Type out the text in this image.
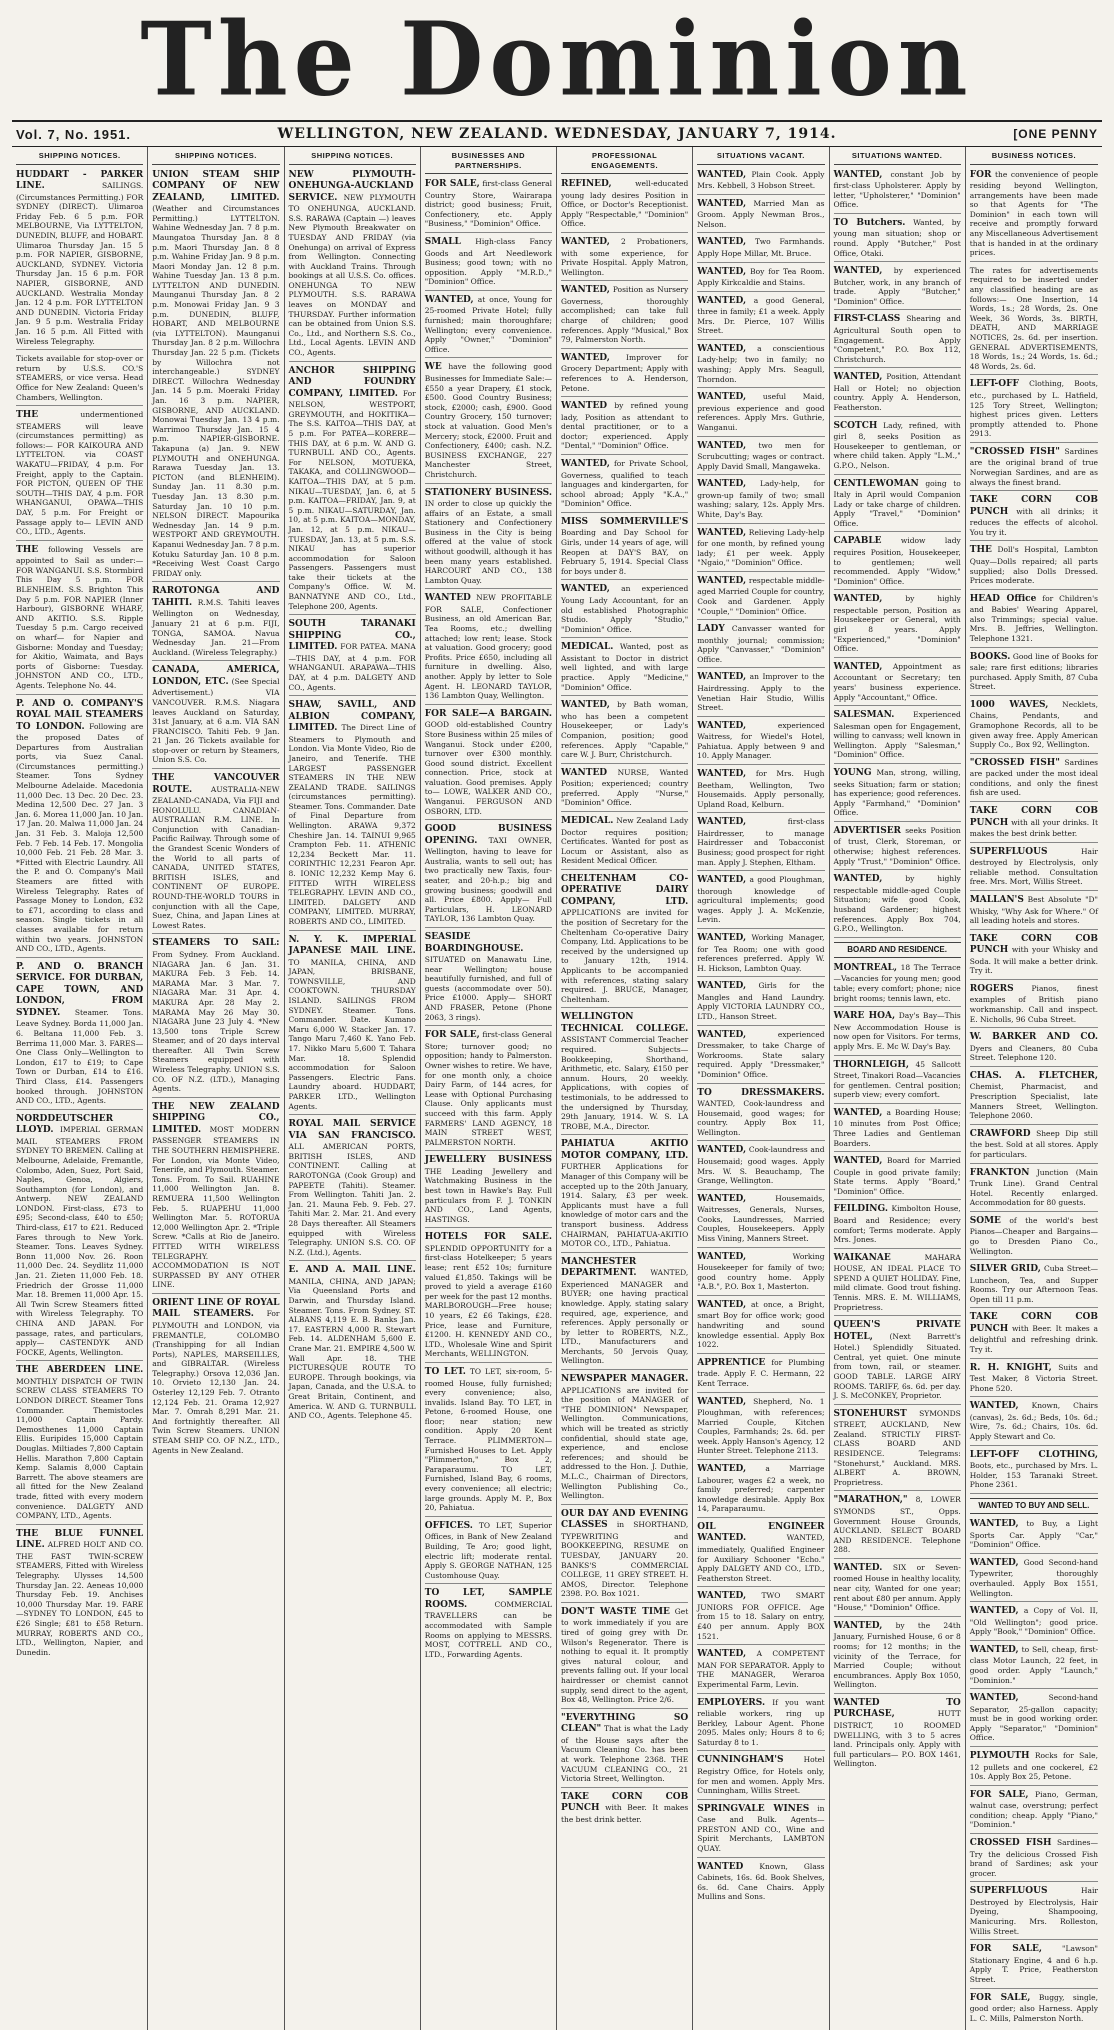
The Dominion
Vol. 7, No. 1951.	WELLINGTON, NEW ZEALAND. WEDNESDAY, JANUARY 7, 1914.	[ONE PENNY
SHIPPING NOTICES.

HUDDART - PARKER LINE.	SAILINGS. (Circumstances Permitting.) FOR SYDNEY (DIRECT). Ulimaroa Friday Feb. 6 5 p.m. FOR MELBOURNE, Via LYTTELTON, DUNEDIN, BLUFF, and HOBART. Ulimaroa Thursday Jan. 15 5 p.m. FOR NAPIER, GISBORNE, AUCKLAND, SYDNEY. Victoria Thursday Jan. 15 6 p.m. FOR NAPIER, GISBORNE, AND AUCKLAND. Westralia Monday Jan. 12 4 p.m. FOR LYTTELTON AND DUNEDIN. Victoria Friday Jan. 9 5 p.m. Westralia Friday Jan. 16 5 p.m. All Fitted with Wireless Telegraphy.

Tickets available for stop-over or return by U.S.S. CO.'S STEAMERS, or vice versa. Head Office for New Zealand: Queen's Chambers, Wellington.

THE	undermentioned STEAMERS will leave (circumstances permitting) as follows:— FOR KAIKOURA AND LYTTELTON. via COAST WAKATU—FRIDAY, 4 p.m. For Freight, apply to the Captain. FOR PICTON, QUEEN OF THE SOUTH—THIS DAY, 4 p.m. FOR WHANGANUI, OPAWA—THIS DAY, 5 p.m. For Freight or Passage apply to— LEVIN AND CO., LTD., Agents.

THE following Vessels are appointed to Sail as under:— FOR WANGANUI. S.S. Stormbird This Day 5 p.m. FOR BLENHEIM. S.S. Brighton This Day 5 p.m. FOR NAPIER (Inner Harbour), GISBORNE WHARF, AND AKITIO. S.S. Ripple Tuesday 5 p.m. Cargo received on wharf— for Napier and Gisborne: Monday and Tuesday; for Akitio, Waimata, and Bays ports of Gisborne: Tuesday. JOHNSTON AND CO., LTD., Agents. Telephone No. 44.

P. AND O. COMPANY'S ROYAL MAIL STEAMERS TO LONDON. Following are the proposed Dates of Departures from Australian ports, via Suez Canal. (Circumstances permitting.) Steamer. Tons Sydney Melbourne Adelaide. Macedonia 11,000 Dec. 13 Dec. 20 Dec. 23. Medina 12,500 Dec. 27 Jan. 3 Jan. 6. Morea 11,000 Jan. 10 Jan. 17 Jan. 20. Malwa 11,000 Jan. 24 Jan. 31 Feb. 3. Maloja 12,500 Feb. 7 Feb. 14 Feb. 17. Mongolia 10,000 Feb. 21 Feb. 28 Mar. 3. *Fitted with Electric Laundry. All the P. and O. Company's Mail Steamers are fitted with Wireless Telegraphy. Rates of Passage Money to London, £32 to £71, according to class and season. Single tickets in all classes available for return within two years. JOHNSTON AND CO., LTD., Agents.

P. AND O. BRANCH SERVICE. FOR DURBAN, CAPE TOWN, AND LONDON, FROM SYDNEY. Steamer. Tons. Leave Sydney. Borda 11,000 Jan. 6. Beltana 11,000 Feb. 3. Berrima 11,000 Mar. 3. FARES—One Class Only—Wellington to London, £17 to £19; to Cape Town or Durban, £14 to £16. Third Class, £14. Passengers booked through. JOHNSTON AND CO., LTD., Agents.

NORDDEUTSCHER LLOYD. IMPERIAL GERMAN MAIL STEAMERS FROM SYDNEY TO BREMEN. Calling at Melbourne, Adelaide, Fremantle, Colombo, Aden, Suez, Port Said, Naples, Genoa, Algiers, Southampton (for London), and Antwerp. NEW ZEALAND LONDON. First-class, £73 to £95; Second-class, £40 to £50; Third-class, £17 to £21. Reduced Fares through to New York. Steamer. Tons. Leaves Sydney. Bonn 11,000 Nov. 26. Roon 11,000 Dec. 24. Seydlitz 11,000 Jan. 21. Zieten 11,000 Feb. 18. Friedrich der Grosse 11,000 Mar. 18. Bremen 11,000 Apr. 15. All Twin Screw Steamers fitted with Wireless Telegraphy. TO CHINA AND JAPAN. For passage, rates, and particulars, apply— CASTENDYK AND FOCKE, Agents, Wellington.

THE ABERDEEN LINE. MONTHLY DISPATCH OF TWIN SCREW CLASS STEAMERS TO LONDON DIRECT. Steamer Tons Commander. Themistocles 11,000 Captain Pardy. Demosthenes 11,000 Captain Ellis. Euripides 15,000 Captain Douglas. Miltiades 7,800 Captain Hellis. Marathon 7,800 Captain Kemp. Salamis 8,000 Captain Barrett. The above steamers are all fitted for the New Zealand trade, fitted with every modern convenience. DALGETY AND COMPANY, LTD., Agents.

THE BLUE FUNNEL LINE. ALFRED HOLT AND CO. THE FAST TWIN-SCREW STEAMERS, Fitted with Wireless Telegraphy. Ulysses 14,500 Thursday Jan. 22. Aeneas 10,000 Thursday Feb. 19. Anchises 10,000 Thursday Mar. 19. FARE—SYDNEY TO LONDON, £45 to £26 Single; £81 to £58 Return. MURRAY, ROBERTS AND CO., LTD., Wellington, Napier, and Dunedin.

SHIPPING NOTICES.

UNION STEAM SHIP COMPANY OF NEW ZEALAND, LIMITED. (Weather and Circumstances Permitting.) LYTTELTON. Wahine Wednesday Jan. 7 8 p.m. Maungatoa Thursday Jan. 8 8 p.m. Maori Thursday Jan. 8 8 p.m. Wahine Friday Jan. 9 8 p.m. Maori Monday Jan. 12 8 p.m. Wahine Tuesday Jan. 13 8 p.m. LYTTELTON AND DUNEDIN. Maunganui Thursday Jan. 8 2 p.m. Monowai Friday Jan. 9 3 p.m. DUNEDIN, BLUFF, HOBART, AND MELBOURNE (via LYTTELTON). Maunganui Thursday Jan. 8 2 p.m. Willochra Thursday Jan. 22 5 p.m. (Tickets by Willochra not interchangeable.) SYDNEY DIRECT. Willochra Wednesday Jan. 14 5 p.m. Moeraki Friday Jan. 16 3 p.m. NAPIER, GISBORNE, AND AUCKLAND. Monowai Tuesday Jan. 13 4 p.m. Warrimoo Thursday Jan. 15 4 p.m. NAPIER-GISBORNE. Takapuna (a) Jan. 9. NEW PLYMOUTH and ONEHUNGA. Rarawa Tuesday Jan. 13. PICTON (and BLENHEIM). Sunday Jan. 11 8.30 p.m. Tuesday Jan. 13 8.30 p.m. Saturday Jan. 10 10 p.m. NELSON DIRECT. Mapourika Wednesday Jan. 14 9 p.m. WESTPORT AND GREYMOUTH. Kapanui Wednesday Jan. 7 8 p.m. Kotuku Saturday Jan. 10 8 p.m. *Receiving West Coast Cargo FRIDAY only.

RAROTONGA AND TAHITI. R.M.S. Tahiti leaves Wellington on Wednesday, January 21 at 6 p.m. FIJI, TONGA, SAMOA. Navua Wednesday Jan. 21—From Auckland. (Wireless Telegraphy.)

CANADA, AMERICA, LONDON, ETC. (See Special Advertisement.) VIA VANCOUVER. R.M.S. Niagara leaves Auckland on Saturday, 31st January, at 6 a.m. VIA SAN FRANCISCO. Tahiti Feb. 9 Jan. 21 Jan. 26 Tickets available for stop-over or return by Steamers, Union S.S. Co.

THE VANCOUVER ROUTE.	AUSTRALIA-NEW ZEALAND-CANADA, Via FIJI and HONOLULU. CANADIAN-AUSTRALIAN R.M. LINE. In Conjunction with Canadian-Pacific Railway. Through some of the Grandest Scenic Wonders of the World to all parts of CANADA, UNITED STATES, BRITISH ISLES, and CONTINENT OF EUROPE. ROUND-THE-WORLD TOURS in conjunction with all the Cape, Suez, China, and Japan Lines at Lowest Rates.

STEAMERS TO SAIL: From Sydney. From Auckland. NIAGARA Jan. 6 Jan. 31. MAKURA Feb. 3 Feb. 14. MARAMA Mar. 3 Mar. 7. NIAGARA Mar. 31 Apr. 4. MAKURA Apr. 28 May 2. MARAMA May 26 May 30. NIAGARA June 23 July 4. *New 13,500 tons Triple Screw Steamer, and of 20 days interval thereafter. All Twin Screw Steamers equipped with Wireless Telegraphy. UNION S.S. CO. OF N.Z. (LTD.), Managing Agents.

THE NEW ZEALAND SHIPPING CO., LIMITED. MOST MODERN PASSENGER STEAMERS IN THE SOUTHERN HEMISPHERE. For London, via Monte Video, Tenerife, and Plymouth. Steamer. Tons. From. To Sail. RUAHINE 11,000 Wellington Jan. 8. REMUERA 11,500 Wellington Feb. 5. RUAPEHU 11,000 Wellington Mar. 5. ROTORUA 12,000 Wellington Apr. 2. *Triple Screw. *Calls at Rio de Janeiro. FITTED WITH WIRELESS TELEGRAPHY. ACCOMMODATION IS NOT SURPASSED BY ANY OTHER LINE.

ORIENT LINE OF ROYAL MAIL STEAMERS. For PLYMOUTH and LONDON, via FREMANTLE, COLOMBO (Transhipping for all Indian Ports), NAPLES, MARSEILLES, and GIBRALTAR. (Wireless Telegraphy.) Orsova 12,036 Jan. 10. Orvieto 12,130 Jan. 24. Osterley 12,129 Feb. 7. Otranto 12,124 Feb. 21. Orama 12,927 Mar. 7. Omrah 8,291 Mar. 21. And fortnightly thereafter. All Twin Screw Steamers. UNION STEAM SHIP CO. OF N.Z., LTD., Agents in New Zealand.

SHIPPING NOTICES.

NEW PLYMOUTH-ONEHUNGA-AUCKLAND SERVICE. NEW PLYMOUTH TO ONEHUNGA, AUCKLAND. S.S. RARAWA (Captain —) leaves New Plymouth Breakwater on TUESDAY AND FRIDAY (via Onehunga) on arrival of Express from Wellington. Connecting with Auckland Trains. Through bookings at all U.S.S. Co. offices. ONEHUNGA TO NEW PLYMOUTH. S.S. RARAWA leaves on MONDAY and THURSDAY. Further information can be obtained from Union S.S. Co., Ltd., and Northern S.S. Co., Ltd., Local Agents. LEVIN AND CO., Agents.

ANCHOR SHIPPING AND FOUNDRY COMPANY, LIMITED. For NELSON, WESTPORT, GREYMOUTH, and HOKITIKA—The S.S. KAITOA—THIS DAY, at 5 p.m. For PATEA—KORERE—THIS DAY, at 6 p.m. W. AND G. TURNBULL AND CO., Agents. For NELSON, MOTUEKA, TAKAKA, and COLLINGWOOD— KAITOA—THIS DAY, at 5 p.m. NIKAU—TUESDAY, Jan. 6, at 5 p.m. KAITOA—FRIDAY, Jan. 9, at 5 p.m. NIKAU—SATURDAY, Jan. 10, at 5 p.m. KAITOA—MONDAY, Jan. 12, at 5 p.m. NIKAU—TUESDAY, Jan. 13, at 5 p.m. S.S. NIKAU has superior accommodation for Saloon Passengers. Passengers must take their tickets at the Company's Office. W. M. BANNATYNE AND CO., Ltd., Telephone 200, Agents.

SOUTH TARANAKI SHIPPING CO., LIMITED. FOR PATEA. MANA—THIS DAY, at 4 p.m. FOR WHANGANUI. ARAPAWA—THIS DAY, at 4 p.m. DALGETY AND CO., Agents.

SHAW, SAVILL, AND ALBION COMPANY, LIMITED. The Direct Line of Steamers to Plymouth and London. Via Monte Video, Rio de Janeiro, and Tenerife. THE LARGEST PASSENGER STEAMERS IN THE NEW ZEALAND TRADE. SAILINGS (circumstances permitting). Steamer. Tons. Commander. Date of Final Departure from Wellington. ARAWA 9,372 Cheshire Jan. 14. TAINUI 9,965 Crampton Feb. 11. ATHENIC 12,234 Beckett Mar. 11. CORINTHIC 12,231 Fearon Apr. 8. IONIC 12,232 Kemp May 6. FITTED WITH WIRELESS TELEGRAPHY. LEVIN AND CO., LIMITED. DALGETY AND COMPANY, LIMITED. MURRAY, ROBERTS AND CO., LIMITED.

N. Y. K. IMPERIAL JAPANESE MAIL LINE. TO MANILA, CHINA, AND JAPAN, BRISBANE, TOWNSVILLE, AND COOKTOWN. THURSDAY ISLAND. SAILINGS FROM SYDNEY. Steamer. Tons. Commander. Date. Kumano Maru 6,000 W. Stacker Jan. 17. Tango Maru 7,460 K. Yano Feb. 17. Nikko Maru 5,600 T. Tahara Mar. 18. Splendid accommodation for Saloon Passengers. Electric Fans. Laundry aboard. HUDDART, PARKER LTD., Wellington Agents.

ROYAL MAIL SERVICE VIA SAN FRANCISCO. ALL AMERICAN PORTS, BRITISH ISLES, AND CONTINENT. Calling at RAROTONGA (Cook Group) and PAPEETE (Tahiti). Steamer. From Wellington. Tahiti Jan. 2. Jan. 21. Mauna Feb. 9. Feb. 27. Tahiti Mar. 2. Mar. 21. And every 28 Days thereafter. All Steamers equipped with Wireless Telegraphy. UNION S.S. CO. OF N.Z. (Ltd.), Agents.

E. AND A. MAIL LINE. MANILA, CHINA, AND JAPAN; Via Queensland Ports and Darwin, and Thursday Island. Steamer. Tons. From Sydney. ST. ALBANS 4,119 E. B. Banks Jan. 17. EASTERN 4,000 R. Stewart Feb. 14. ALDENHAM 5,600 E. Crane Mar. 21. EMPIRE 4,500 W. Wall Apr. 18. THE PICTURESQUE ROUTE TO EUROPE. Through bookings, via Japan, Canada, and the U.S.A. to Great Britain, Continent, and America. W. AND G. TURNBULL AND CO., Agents. Telephone 45.

BUSINESSES AND PARTNERSHIPS.

FOR SALE, first-class General Country Store, Wairarapa district; good business; Fruit, Confectionery, etc. Apply "Business," "Dominion" Office.

SMALL High-class Fancy Goods and Art Needlework Business; good town; with no opposition. Apply "M.R.D.," "Dominion" Office.

WANTED, at once, Young for 25-roomed Private Hotel; fully furnished; main thoroughfare; Wellington; every convenience. Apply "Owner," "Dominion" Office.

WE have the following good Businesses for Immediate Sale:— £550 a year Drapery, £1 stock, £500. Good Country Business; stock, £2000; cash, £900. Good Country Grocery, 150 turnover; stock at valuation. Good Men's Mercery; stock, £2000. Fruit and Confectionery, £400; cash. N.Z. BUSINESS EXCHANGE, 227 Manchester Street, Christchurch.

STATIONERY BUSINESS. IN order to close up quickly the affairs of an Estate, a small Stationery and Confectionery Business in the City is being offered at the value of stock without goodwill, although it has been many years established. HARCOURT AND CO., 138 Lambton Quay.

WANTED NEW PROFITABLE FOR SALE, Confectioner Business, an old American Bar, Tea Rooms, etc.; dwelling attached; low rent; lease. Stock at valuation. Good grocery; good Profits. Price £650, including all furniture in dwelling. Also, another. Apply by letter to Sole Agent. H. LEONARD TAYLOR, 136 Lambton Quay, Wellington.

FOR SALE—A BARGAIN. GOOD old-established Country Store Business within 25 miles of Wanganui. Stock under £200, turnover over £300 monthly. Good sound district. Excellent connection. Price, stock at valuation. Good premises. Apply to— LOWE, WALKER AND CO., Wanganui. FERGUSON AND OSBORN, LTD.

GOOD BUSINESS OPENING. TAXI OWNER, Wellington, having to leave for Australia, wants to sell out; has two practically new Taxis, four-seater, and 20-h.p.; big and growing business; goodwill and all. Price £800. Apply— Full Particulars, H. LEONARD TAYLOR, 136 Lambton Quay.

SEASIDE BOARDINGHOUSE. SITUATED on Manawatu Line, near Wellington; house beautifully furnished, and full of guests (accommodate over 50). Price £1000. Apply— SHORT AND FRASER, Petone (Phone 2063, 3 rings).

FOR SALE, first-class General Store; turnover good; no opposition; handy to Palmerston. Owner wishes to retire. We have, for one month only, a choice Dairy Farm, of 144 acres, for Lease with Optional Purchasing Clause. Only applicants must succeed with this farm. Apply FARMERS' LAND AGENCY, 18 MAIN STREET WEST, PALMERSTON NORTH.

JEWELLERY BUSINESS THE Leading Jewellery and Watchmaking Business in the best town in Hawke's Bay. Full particulars from F. J. TONKIN AND CO., Land Agents, HASTINGS.

HOTELS FOR SALE. SPLENDID OPPORTUNITY for a first-class Hotelkeeper; 5 years lease; rent £52 10s; furniture valued £1,850. Takings will be proved to yield a average £160 per week for the past 12 months. MARLBOROUGH—Free house; 10 years, £2 £6 Takings, £28. Price, lease and Furniture, £1200. H. KENNEDY AND CO., LTD., Wholesale Wine and Spirit Merchants, WELLINGTON.

TO LET. TO LET, six-room, 5-roomed House, fully furnished; every convenience; also, invalids. Island Bay. TO LET, in Petone, 6-roomed House, one floor; near station; new condition. Apply 20 Kent Terrace. PLIMMERTON—Furnished Houses to Let. Apply "Plimmerton," Box 2, Paraparaumu. TO LET, Furnished, Island Bay, 6 rooms, every convenience; all electric; large grounds. Apply M. P., Box 20, Pahiatua.

OFFICES. TO LET, Superior Offices, in Bank of New Zealand Building, Te Aro; good light, electric lift; moderate rental. Apply S. GEORGE NATHAN, 125 Customhouse Quay.

TO LET, SAMPLE ROOMS.	COMMERCIAL TRAVELLERS can be accommodated with Sample Rooms on applying to MESSRS. MOST, COTTRELL AND CO., LTD., Forwarding Agents.

PROFESSIONAL ENGAGEMENTS.

REFINED,	well-educated young lady desires Position in Office, or Doctor's Receptionist. Apply "Respectable," "Dominion" Office.

WANTED, 2 Probationers, with some experience, for Private Hospital. Apply Matron, Wellington.

WANTED, Position as Nursery Governess, thoroughly accomplished; can take full charge of children; good references. Apply "Musical," Box 79, Palmerston North.

WANTED, Improver for Grocery Department; Apply with references to A. Henderson, Petone.

WANTED by refined young lady, Position as attendant to dental practitioner, or to a doctor; experienced. Apply "Dental," "Dominion" Office.

WANTED, for Private School, Governess, qualified to teach languages and kindergarten, for school abroad; Apply "K.A.," "Dominion" Office.

MISS SOMMERVILLE'S Boarding and Day School for Girls, under 14 years of age, will Reopen at DAY'S BAY, on February 5, 1914. Special Class for boys under 8.

WANTED, an experienced Young Lady Accountant, for an old established Photographic Studio. Apply "Studio," "Dominion" Office.

MEDICAL. Wanted, post as Assistant to Doctor in district well lighted, and with large practice. Apply "Medicine," "Dominion" Office.

WANTED, by Bath woman, who has been a competent Housekeeper, or Lady's Companion, position; good references. Apply "Capable," care W. J. Burr, Christchurch.

WANTED NURSE, Wanted Position; experienced; country preferred. Apply "Nurse," "Dominion" Office.

MEDICAL. New Zealand Lady Doctor requires position; Certificates. Wanted for post as Locum or Assistant, also as Resident Medical Officer.

CHELTENHAM CO-OPERATIVE DAIRY COMPANY, LTD. APPLICATIONS are invited for the position of Secretary for the Cheltenham Co-operative Dairy Company, Ltd. Applications to be received by the undersigned up to January 12th, 1914. Applicants to be accompanied with references, stating salary required. J. BRUCE, Manager, Cheltenham.

WELLINGTON TECHNICAL COLLEGE. ASSISTANT Commercial Teacher required. Subjects—Bookkeeping, Shorthand, Arithmetic, etc. Salary, £150 per annum. Hours, 20 weekly. Applications, with copies of testimonials, to be addressed to the undersigned by Thursday, 29th January, 1914. W. S. LA TROBE, M.A., Director.

PAHIATUA AKITIO MOTOR COMPANY, LTD. FURTHER Applications for Manager of this Company will be accepted up to the 20th January, 1914. Salary, £3 per week. Applicants must have a full knowledge of motor cars and the transport business. Address CHAIRMAN, PAHIATUA-AKITIO MOTOR CO., LTD., Pahiatua.

MANCHESTER DEPARTMENT. WANTED, Experienced MANAGER and BUYER; one having practical knowledge. Apply, stating salary required, age, experience, and references. Apply personally or by letter to ROBERTS, N.Z., LTD., Manufacturers and Merchants, 50 Jervois Quay, Wellington.

NEWSPAPER MANAGER. APPLICATIONS are invited for the position of MANAGER of "THE DOMINION" Newspaper, Wellington. Communications, which will be treated as strictly confidential, should state age, experience, and enclose references; and should be addressed to the Hon. J. Duthie, M.L.C., Chairman of Directors, Wellington Publishing Co., Wellington.

OUR DAY AND EVENING CLASSES in SHORTHAND, TYPEWRITING and BOOKKEEPING, RESUME on TUESDAY, JANUARY 20. BANKS'S COMMERCIAL COLLEGE, 11 GREY STREET. H. AMOS, Director. Telephone 2398. P.O. Box 1021.

DON'T WASTE TIME Get to work immediately if you are tired of going grey with Dr. Wilson's Regenerator. There is nothing to equal it. It promptly gives natural colour, and prevents falling out. If your local hairdresser or chemist cannot supply, send direct to the agent, Box 48, Wellington. Price 2/6.

"EVERYTHING SO CLEAN" That is what the Lady of the House says after the Vacuum Cleaning Co. has been at work. Telephone 2368. THE VACUUM CLEANING CO., 21 Victoria Street, Wellington.

TAKE CORN COB PUNCH with Beer. It makes the best drink better.

SITUATIONS VACANT.

WANTED, Plain Cook. Apply Mrs. Kebbell, 3 Hobson Street.

WANTED, Married Man as Groom. Apply Newman Bros., Nelson.

WANTED, Two Farmhands. Apply Hope Millar, Mt. Bruce.

WANTED, Boy for Tea Room. Apply Kirkcaldie and Stains.

WANTED, a good General, three in family; £1 a week. Apply Mrs. Dr. Pierce, 107 Willis Street.

WANTED, a conscientious Lady-help; two in family; no washing; Apply Mrs. Seagull, Thorndon.

WANTED, useful Maid, previous experience and good references. Apply Mrs. Guthrie, Wanganui.

WANTED, two men for Scrubcutting; wages or contract. Apply David Small, Mangaweka.

WANTED, Lady-help, for grown-up family of two; small washing; salary, 12s. Apply Mrs. White, Day's Bay.

WANTED, Relieving Lady-help for one month, by refined young lady; £1 per week. Apply "Ngaio," "Dominion" Office.

WANTED, respectable middle-aged Married Couple for country, Cook and Gardener. Apply "Couple," "Dominion" Office.

LADY Canvasser wanted for monthly journal; commission; Apply "Canvasser," "Dominion" Office.

WANTED, an Improver to the Hairdressing. Apply to the Venetian Hair Studio, Willis Street.

WANTED,	experienced Waitress, for Wiedel's Hotel, Pahiatua. Apply between 9 and 10. Apply Manager.

WANTED, for Mrs. Hugh Beetham, Wellington, Two Housemaids. Apply personally, Upland Road, Kelburn.

WANTED,	first-class Hairdresser, to manage Hairdresser and Tobacconist Business; good prospect for right man. Apply J. Stephen, Eltham.

WANTED, a good Ploughman, thorough knowledge of agricultural implements; good wages. Apply J. A. McKenzie, Levin.

WANTED, Working Manager, for Tea Room; one with good references preferred. Apply W. H. Hickson, Lambton Quay.

WANTED, Girls for the Mangles and Hand Laundry. Apply VICTORIA LAUNDRY CO., LTD., Hanson Street.

WANTED,	experienced Dressmaker, to take Charge of Workrooms. State salary required. Apply "Dressmaker," "Dominion" Office.

TO DRESSMAKERS. WANTED, Cook-laundress and Housemaid, good wages; for country. Apply Box 11, Wellington.

WANTED, Cook-laundress and Housemaid; good wages. Apply Mrs. W. S. Beauchamp, The Grange, Wellington.

WANTED,	Housemaids, Waitresses, Generals, Nurses, Cooks, Laundresses, Married Couples, Housekeepers. Apply Miss Vining, Manners Street.

WANTED,	Working Housekeeper for family of two; good country home. Apply "A.B.", P.O. Box 1, Masterton.

WANTED, at once, a Bright, smart Boy for office work; good handwriting and sound knowledge essential. Apply Box 1022.

APPRENTICE for Plumbing trade. Apply F. C. Hermann, 22 Kent Terrace.

WANTED, Shepherd, No. 1 Ploughman, with references; Married Couple, Kitchen Couples, Farmhands; 2s. 6d. per week. Apply Hanson's Agency, 12 Hunter Street. Telephone 2113.

WANTED,	a Marriage Labourer, wages £2 a week, no family preferred; carpenter knowledge desirable. Apply Box 14, Paraparaumu.

OIL ENGINEER WANTED.	WANTED, immediately, Qualified Engineer for Auxiliary Schooner "Echo." Apply DALGETY AND CO., LTD., Featherston Street.

WANTED, TWO SMART JUNIORS FOR OFFICE. Age from 15 to 18. Salary on entry, £40 per annum. Apply BOX 1521.

WANTED, A COMPETENT MAN FOR SEPARATOR. Apply to THE MANAGER, Weraroa Experimental Farm, Levin.

EMPLOYERS. If you want reliable workers, ring up Berkley, Labour Agent. Phone 2095. Males only; Hours 8 to 6; Saturday 8 to 1.

CUNNINGHAM'S	Hotel Registry Office, for Hotels only, for men and women. Apply Mrs. Cunningham, Willis Street.

SPRINGVALE WINES in Case and Bulk. Agents— PRESTON AND CO., Wine and Spirit Merchants, LAMBTON QUAY.

WANTED Known, Glass Cabinets, 16s. 6d. Book Shelves, 6s. 6d. Cane Chairs. Apply Mullins and Sons.

SITUATIONS WANTED.

WANTED, constant Job by first-class Upholsterer. Apply by letter, "Upholsterer," "Dominion" Office.

TO Butchers. Wanted, by young man situation; shop or round. Apply "Butcher," Post Office, Otaki.

WANTED, by experienced Butcher, work, in any branch of trade. Apply "Butcher," "Dominion" Office.

FIRST-CLASS Shearing and Agricultural South open to Engagement. Apply "Competent," P.O. Box 112, Christchurch.

WANTED, Position, Attendant Hall or Hotel; no objection country. Apply A. Henderson, Featherston.

SCOTCH Lady, refined, with girl 8, seeks Position as Housekeeper to gentleman, or where child taken. Apply "L.M.," G.P.O., Nelson.

CENTLEWOMAN going to Italy in April would Companion Lady or take charge of children. Apply "Travel," "Dominion" Office.

CAPABLE	widow lady requires Position, Housekeeper, to gentlemen; well recommended. Apply "Widow," "Dominion" Office.

WANTED,	by highly respectable person, Position as Housekeeper or General, with girl 8 years. Apply "Experienced," "Dominion" Office.

WANTED, Appointment as Accountant or Secretary; ten years' business experience. Apply "Accountant," Office.

SALESMAN. Experienced Salesman open for Engagement, willing to canvass; well known in Wellington. Apply "Salesman," "Dominion" Office.

YOUNG Man, strong, willing, seeks Situation; farm or station; has experience; good references. Apply "Farmhand," "Dominion" Office.

ADVERTISER seeks Position of trust, Clerk, Storeman, or otherwise; highest references. Apply "Trust," "Dominion" Office.

WANTED,	by highly respectable middle-aged Couple Situation; wife good Cook, husband Gardener; highest references. Apply Box 704, G.P.O., Wellington.

BOARD AND RESIDENCE.

MONTREAL, 18 The Terrace—Vacancies for young men; good table; every comfort; phone; nice bright rooms; tennis lawn, etc.

WARE HOA, Day's Bay—This New Accommodation House is now open for Visitors. For terms, apply Mrs. E. Mc W. Day's Bay.

THORNLEIGH, 45 Sallcott Street, Tinakori Road—Vacancies for gentlemen. Central position; superb view; every comfort.

WANTED, a Boarding House; 10 minutes from Post Office; Three Ladies and Gentleman Boarders.

WANTED, Board for Married Couple in good private family; State terms. Apply "Board," "Dominion" Office.

FEILDING. Kimbolton House, Board and Residence; every comfort; Terms moderate. Apply Mrs. Jones.

WAIKANAE	MAHARA HOUSE, AN IDEAL PLACE TO SPEND A QUIET HOLIDAY. Fine, mild climate. Good trout fishing. Tennis. MRS. E. M. WILLIAMS, Proprietress.

QUEEN'S PRIVATE HOTEL, (Next Barrett's Hotel.) Splendidly Situated. Central, yet quiet. One minute from town, rail, or steamer. GOOD TABLE. LARGE AIRY ROOMS. TARIFF, 6s. 6d. per day. J. S. McCONKEY, Proprietor.

STONEHURST SYMONDS STREET, AUCKLAND, New Zealand. STRICTLY FIRST-CLASS BOARD AND RESIDENCE. Telegrams: "Stonehurst," Auckland. MRS. ALBERT A. BROWN, Proprietress.

"MARATHON," 8, LOWER SYMONDS ST., Opps. Government House Grounds, AUCKLAND. SELECT BOARD AND RESIDENCE. Telephone 288.

WANTED. SIX or Seven-roomed House in healthy locality, near city, Wanted for one year; rent about £80 per annum. Apply "House," "Dominion" Office.

WANTED, by the 24th January, Furnished House, 6 or 8 rooms; for 12 months; in the vicinity of the Terrace, for Married Couple; without encumbrances. Apply Box 1050, Wellington.

WANTED TO PURCHASE,	HUTT DISTRICT, 10 ROOMED DWELLING, with 3 to 5 acres land. Principals only. Apply with full particulars— P.O. BOX 1461, Wellington.

BUSINESS NOTICES.

FOR the convenience of people residing beyond Wellington, arrangements have been made so that Agents for "The Dominion" in each town will receive and promptly forward any Miscellaneous Advertisement that is handed in at the ordinary prices.

The rates for advertisements required to be inserted under any classified heading are as follows:— One Insertion, 14 Words, 1s.; 28 Words, 2s. One Week, 36 Words, 3s. BIRTH, DEATH, AND MARRIAGE NOTICES, 2s. 6d. per insertion. GENERAL ADVERTISEMENTS, 18 Words, 1s.; 24 Words, 1s. 6d.; 48 Words, 2s. 6d.

LEFT-OFF Clothing, Boots, etc., purchased by L. Hatfield, 125 Tory Street, Wellington; highest prices given. Letters promptly attended to. Phone 2913.

"CROSSED FISH" Sardines are the original brand of true Norwegian Sardines, and are as always the finest brand.

TAKE CORN COB PUNCH with all drinks; it reduces the effects of alcohol. You try it.

THE Doll's Hospital, Lambton Quay—Dolls repaired; all parts supplied; also Dolls Dressed. Prices moderate.

HEAD Office for Children's and Babies' Wearing Apparel, also Trimmings; special value. Mrs. B. Jeffries, Wellington. Telephone 1321.

BOOKS. Good line of Books for sale; rare first editions; libraries purchased. Apply Smith, 87 Cuba Street.

1000 WAVES, Necklets, Chains, Pendants, and Gramophone Records, all to be given away free. Apply American Supply Co., Box 92, Wellington.

"CROSSED FISH" Sardines are packed under the most ideal conditions, and only the finest fish are used.

TAKE CORN COB PUNCH with all your drinks. It makes the best drink better.

SUPERFLUOUS	Hair destroyed by Electrolysis, only reliable method. Consultation free. Mrs. Mort, Willis Street.

MALLAN'S Best Absolute "D" Whisky, "Why Ask for Where." Of all leading hotels and stores.

TAKE CORN COB PUNCH with your Whisky and Soda. It will make a better drink. Try it.

ROGERS Pianos, finest examples of British piano workmanship. Call and inspect. E. Nicholls, 96 Cuba Street.

W. BARKER AND CO. Dyers and Cleaners, 80 Cuba Street. Telephone 120.

CHAS. A. FLETCHER, Chemist, Pharmacist, and Prescription Specialist, late Manners Street, Wellington. Telephone 2060.

CRAWFORD Sheep Dip still the best. Sold at all stores. Apply for particulars.

FRANKTON Junction (Main Trunk Line). Grand Central Hotel. Recently enlarged. Accommodation for 80 guests.

SOME of the world's best Pianos—Cheaper and Bargains—go to Dresden Piano Co., Wellington.

SILVER GRID, Cuba Street—Luncheon, Tea, and Supper Rooms. Try our Afternoon Teas. Open till 11 p.m.

TAKE CORN COB PUNCH with Beer. It makes a delightful and refreshing drink. Try it.

R. H. KNIGHT, Suits and Test Maker, 8 Victoria Street. Phone 520.

WANTED, Known, Chairs (canvas), 2s. 6d.; Beds, 10s. 6d.; Wire, 7s. 6d.; Chairs, 10s. 6d. Apply Stewart and Co.

LEFT-OFF CLOTHING, Boots, etc., purchased by Mrs. L. Holder, 153 Taranaki Street. Phone 2361.

WANTED TO BUY AND SELL.

WANTED, to Buy, a Light Sports Car. Apply "Car," "Dominion" Office.

WANTED, Good Second-hand Typewriter, thoroughly overhauled. Apply Box 1551, Wellington.

WANTED, a Copy of Vol. II, "Old Wellington"; good price. Apply "Book," "Dominion" Office.

WANTED, to Sell, cheap, first-class Motor Launch, 22 feet, in good order. Apply "Launch," "Dominion."

WANTED,	Second-hand Separator, 25-gallon capacity; must be in good working order. Apply "Separator," "Dominion" Office.

PLYMOUTH Rocks for Sale, 12 pullets and one cockerel, £2 10s. Apply Box 25, Petone.

FOR SALE, Piano, German, walnut case, overstrung; perfect condition; cheap. Apply "Piano," "Dominion."

CROSSED FISH Sardines—Try the delicious Crossed Fish brand of Sardines; ask your grocer.

SUPERFLUOUS	Hair Destroyed by Electrolysis, Hair Dyeing, Shampooing, Manicuring. Mrs. Rolleston, Willis Street.

FOR SALE,	"Lawson" Stationary Engine, 4 and 6 h.p. Apply T. Price, Featherston Street.

FOR SALE, Buggy, single, good order; also Harness. Apply L. C. Mills, Palmerston North.
